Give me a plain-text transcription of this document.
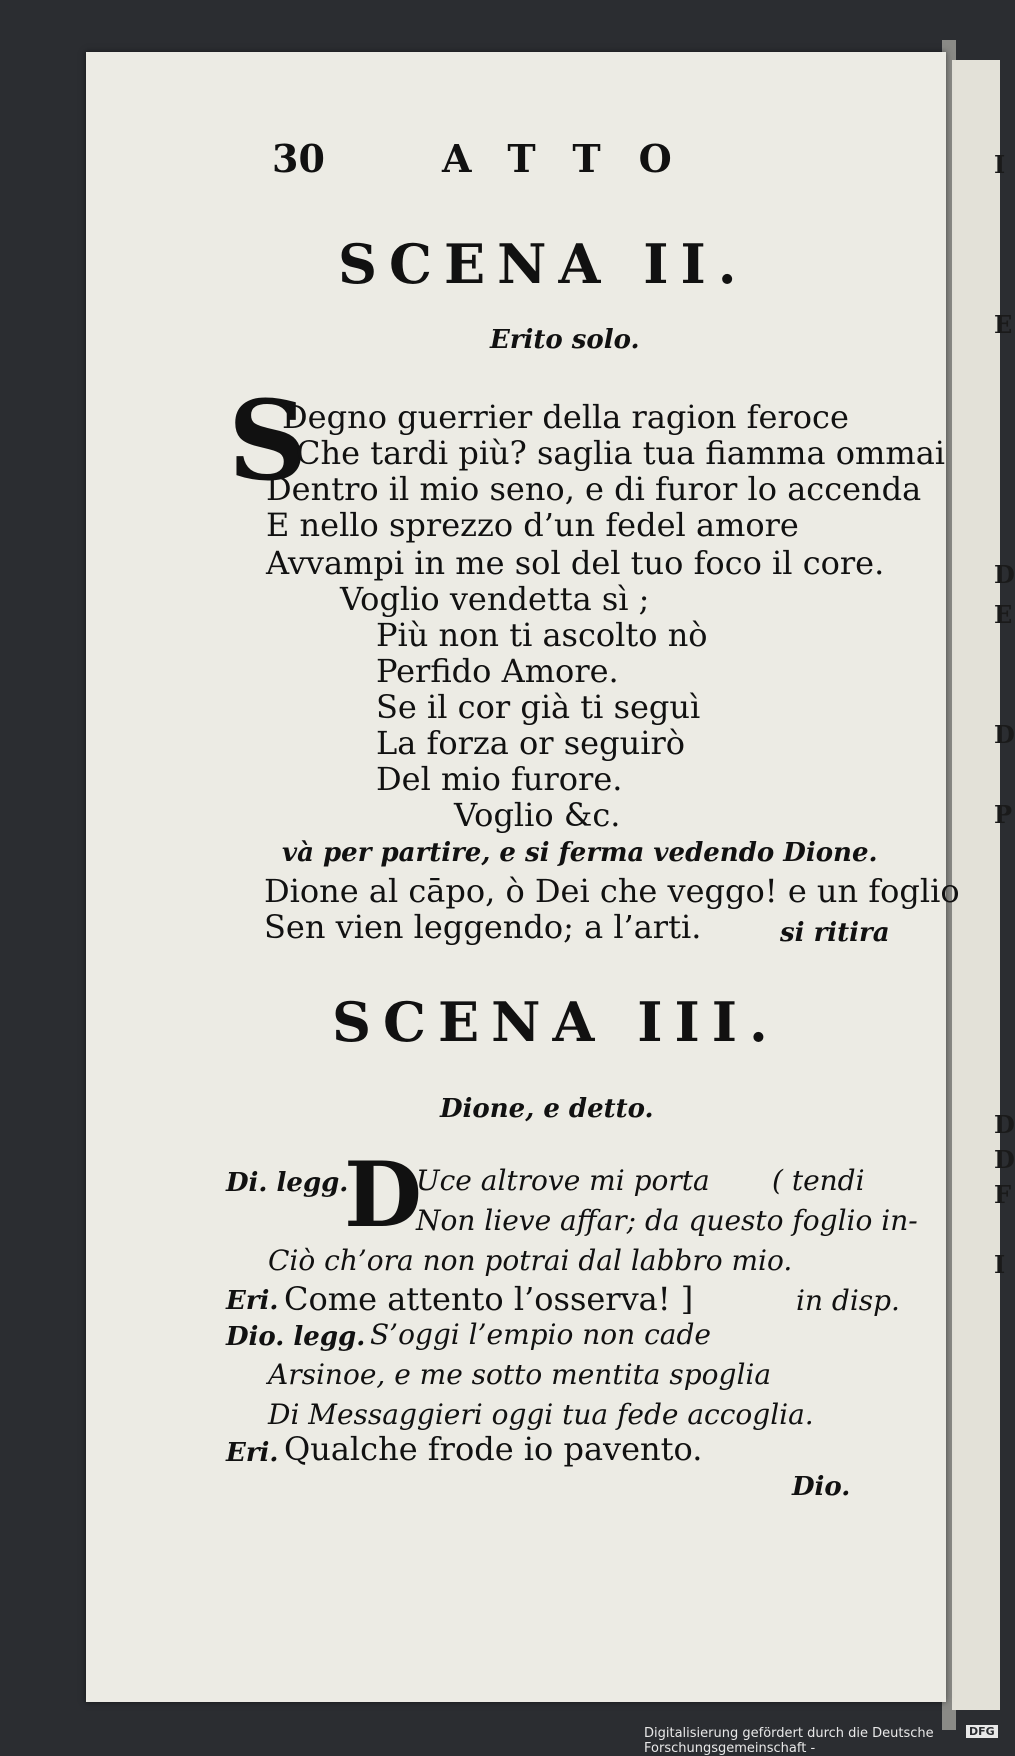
I
E
D
E
D
P
D
D
F
I
30	ATTO
SCENA II.
Erito solo.
S
Degno guerrier della ragion feroce
Che tardi più? saglia tua fiamma ommai
Dentro il mio seno, e di furor lo accenda
E nello sprezzo d’un fedel amore
Avvampi in me sol del tuo foco il core.
Voglio vendetta sì ;
Più non ti ascolto nò
Perfido Amore.
Se il cor già ti seguì
La forza or seguirò
Del mio furore.
Voglio &c.
và per partire, e si ferma vedendo Dione.
Dione al cāpo, ò Dei che veggo! e un foglio
Sen vien leggendo; a l’arti.	si ritira
SCENA III.
Dione, e detto.
Di. legg.
D
Uce altrove mi porta ( tendi
Non lieve affar; da questo foglio in-
Ciò ch’ora non potrai dal labbro mio.
Eri. Come attento l’osserva! ]	in disp.
Dio. legg. S’oggi l’empio non cade
Arsinoe, e me sotto mentita spoglia
Di Messaggieri oggi tua fede accoglia.
Eri. Qualche frode io pavento.
Dio.
Digitalisierung gefördert durch die Deutsche Forschungsgemeinschaft -
DFG
